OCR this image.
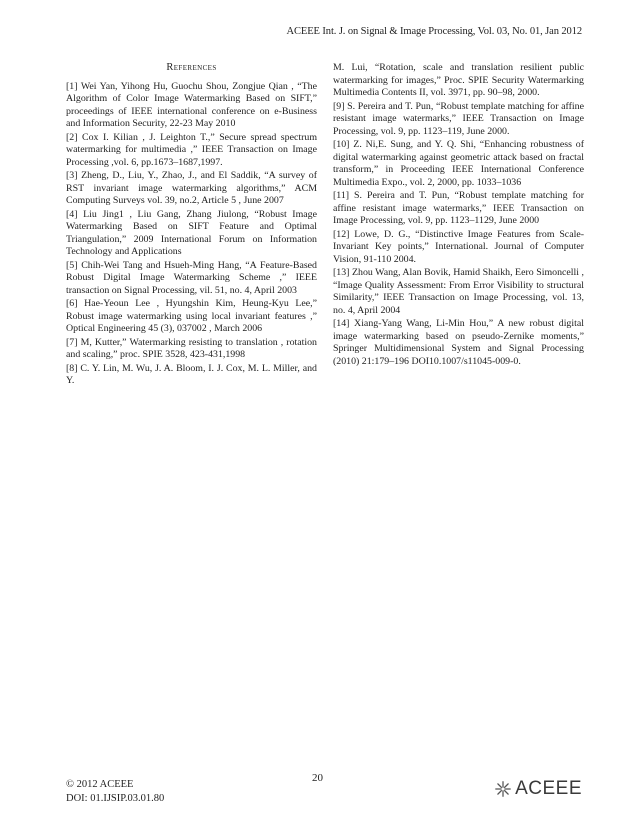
ACEEE Int. J. on Signal & Image Processing, Vol. 03, No. 01, Jan 2012
References
[1] Wei Yan, Yihong Hu, Guochu Shou, Zongjue Qian , “The Algorithm of Color Image Watermarking Based on SIFT,” proceedings of IEEE international conference on e-Business and Information Security, 22-23 May 2010
[2] Cox I. Kilian , J. Leighton T.,” Secure spread spectrum watermarking for multimedia ,” IEEE Transaction on Image Processing ,vol. 6, pp.1673–1687,1997.
[3] Zheng, D., Liu, Y., Zhao, J., and El Saddik, “A survey of RST invariant image watermarking algorithms,” ACM Computing Surveys vol. 39, no.2, Article 5 , June 2007
[4] Liu Jing1 , Liu Gang, Zhang Jiulong, “Robust Image Watermarking Based on SIFT Feature and Optimal Triangulation,” 2009 International Forum on Information Technology and Applications
[5] Chih-Wei Tang and Hsueh-Ming Hang, “A Feature-Based Robust Digital Image Watermarking Scheme ,” IEEE transaction on Signal Processing, vil. 51, no. 4, April 2003
[6] Hae-Yeoun Lee , Hyungshin Kim, Heung-Kyu Lee,” Robust image watermarking using local invariant features ,” Optical Engineering 45 (3), 037002 , March 2006
[7] M, Kutter,” Watermarking resisting to translation , rotation and scaling,” proc. SPIE 3528, 423-431,1998
[8] C. Y. Lin, M. Wu, J. A. Bloom, I. J. Cox, M. L. Miller, and Y.
M. Lui, “Rotation, scale and translation resilient public watermarking for images,” Proc. SPIE Security Watermarking Multimedia Contents II, vol. 3971, pp. 90–98, 2000.
[9] S. Pereira and T. Pun, “Robust template matching for affine resistant image watermarks,” IEEE Transaction on Image Processing, vol. 9, pp. 1123–119, June 2000.
[10] Z. Ni,E. Sung, and Y. Q. Shi, “Enhancing robustness of digital watermarking against geometric attack based on fractal transform,” in Proceeding IEEE International Conference Multimedia Expo., vol. 2, 2000, pp. 1033–1036
[11] S. Pereira and T. Pun, “Robust template matching for affine resistant image watermarks,” IEEE Transaction on Image Processing, vol. 9, pp. 1123–1129, June 2000
[12] Lowe, D. G., “Distinctive Image Features from Scale-Invariant Key points,” International. Journal of Computer Vision, 91-110 2004.
[13] Zhou Wang, Alan Bovik, Hamid Shaikh, Eero Simoncelli , “Image Quality Assessment: From Error Visibility to structural Similarity,” IEEE Transaction on Image Processing, vol. 13, no. 4, April 2004
[14] Xiang-Yang Wang, Li-Min Hou,” A new robust digital image watermarking based on pseudo-Zernike moments,” Springer Multidimensional System and Signal Processing (2010) 21:179–196 DOI10.1007/s11045-009-0.
© 2012 ACEEE
DOI: 01.IJSIP.03.01.80
20	ACEEE
